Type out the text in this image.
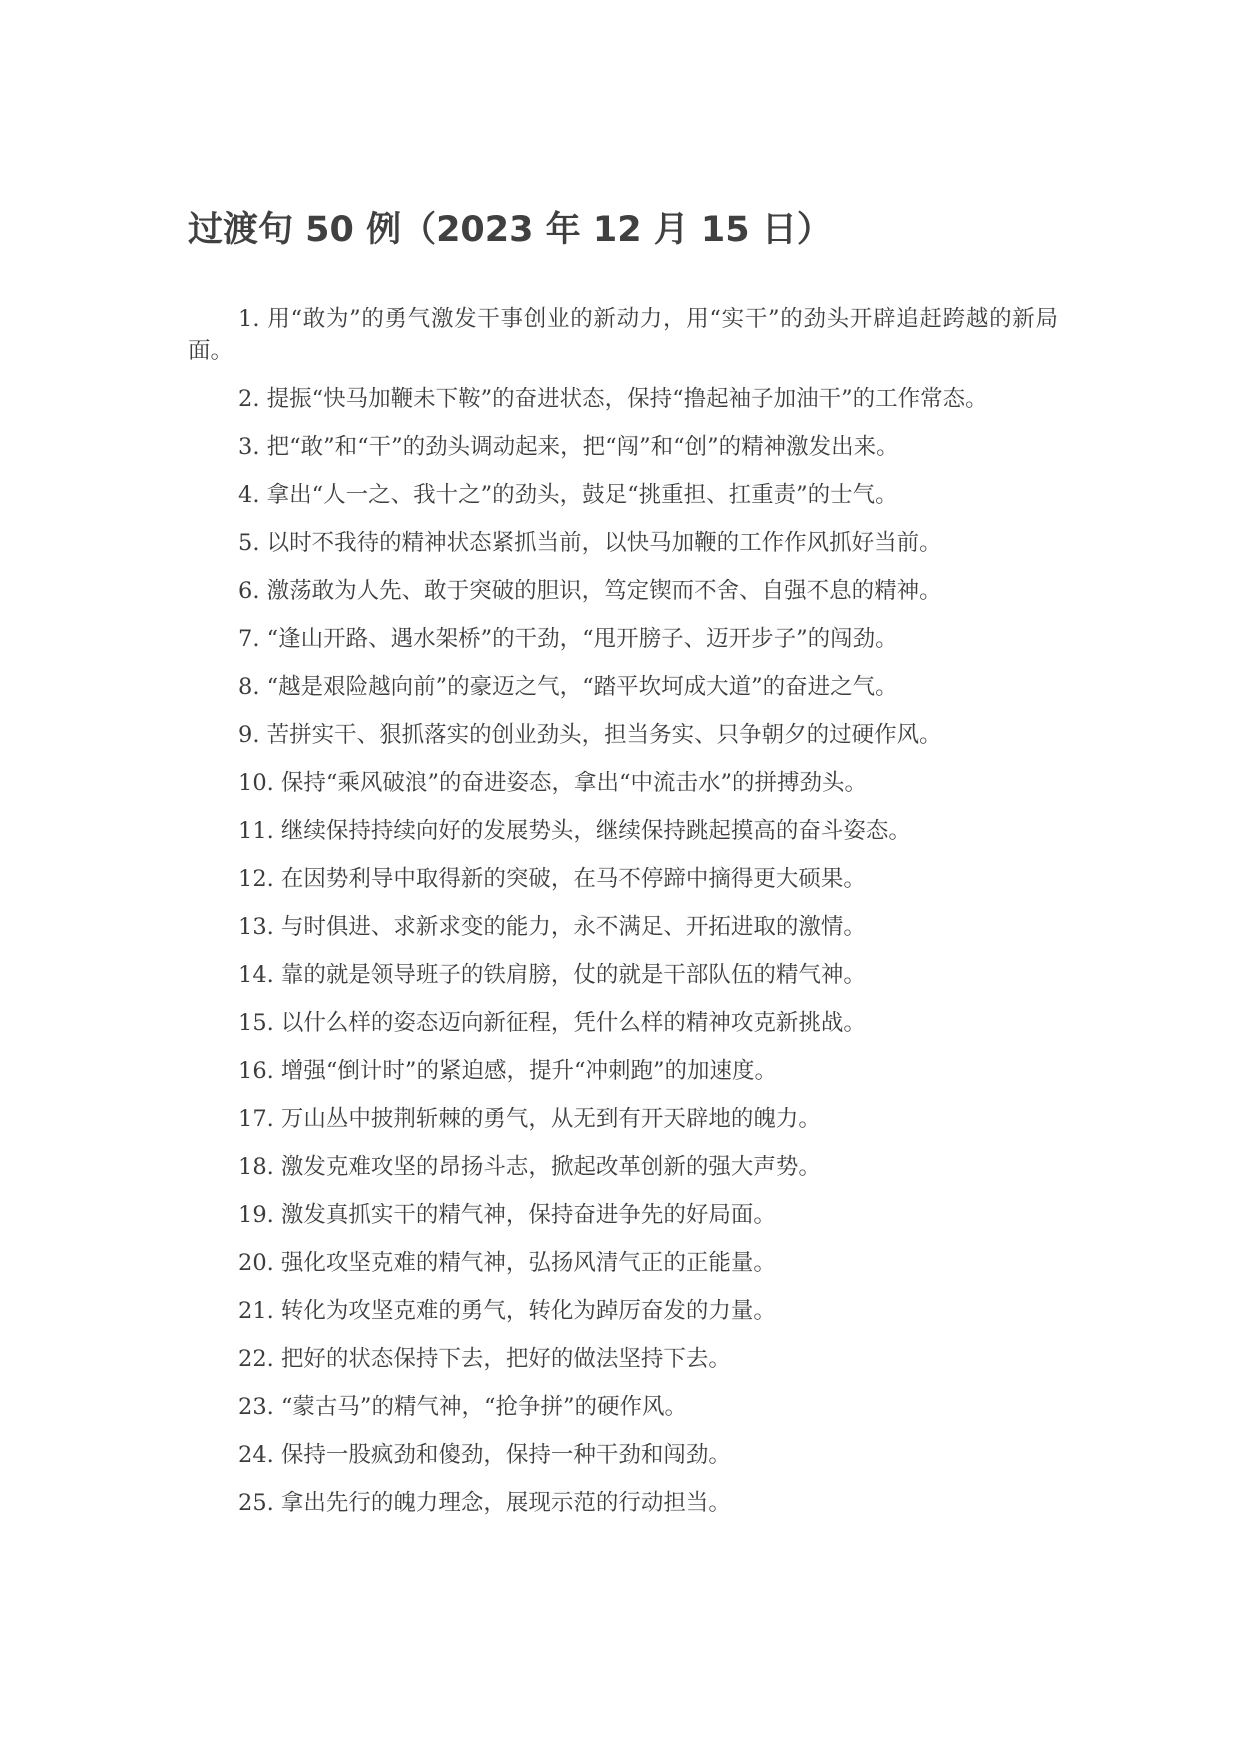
过渡句 50 例（2023 年 12 月 15 日）
1. 用“敢为”的勇气激发干事创业的新动力，用“实干”的劲头开辟追赶跨越的新局面。
2. 提振“快马加鞭未下鞍”的奋进状态，保持“撸起袖子加油干”的工作常态。
3. 把“敢”和“干”的劲头调动起来，把“闯”和“创”的精神激发出来。
4. 拿出“人一之、我十之”的劲头，鼓足“挑重担、扛重责”的士气。
5. 以时不我待的精神状态紧抓当前，以快马加鞭的工作作风抓好当前。
6. 激荡敢为人先、敢于突破的胆识，笃定锲而不舍、自强不息的精神。
7. “逢山开路、遇水架桥”的干劲，“甩开膀子、迈开步子”的闯劲。
8. “越是艰险越向前”的豪迈之气，“踏平坎坷成大道”的奋进之气。
9. 苦拼实干、狠抓落实的创业劲头，担当务实、只争朝夕的过硬作风。
10. 保持“乘风破浪”的奋进姿态，拿出“中流击水”的拼搏劲头。
11. 继续保持持续向好的发展势头，继续保持跳起摸高的奋斗姿态。
12. 在因势利导中取得新的突破，在马不停蹄中摘得更大硕果。
13. 与时俱进、求新求变的能力，永不满足、开拓进取的激情。
14. 靠的就是领导班子的铁肩膀，仗的就是干部队伍的精气神。
15. 以什么样的姿态迈向新征程，凭什么样的精神攻克新挑战。
16. 增强“倒计时”的紧迫感，提升“冲刺跑”的加速度。
17. 万山丛中披荆斩棘的勇气，从无到有开天辟地的魄力。
18. 激发克难攻坚的昂扬斗志，掀起改革创新的强大声势。
19. 激发真抓实干的精气神，保持奋进争先的好局面。
20. 强化攻坚克难的精气神，弘扬风清气正的正能量。
21. 转化为攻坚克难的勇气，转化为踔厉奋发的力量。
22. 把好的状态保持下去，把好的做法坚持下去。
23. “蒙古马”的精气神，“抢争拼”的硬作风。
24. 保持一股疯劲和傻劲，保持一种干劲和闯劲。
25. 拿出先行的魄力理念，展现示范的行动担当。
